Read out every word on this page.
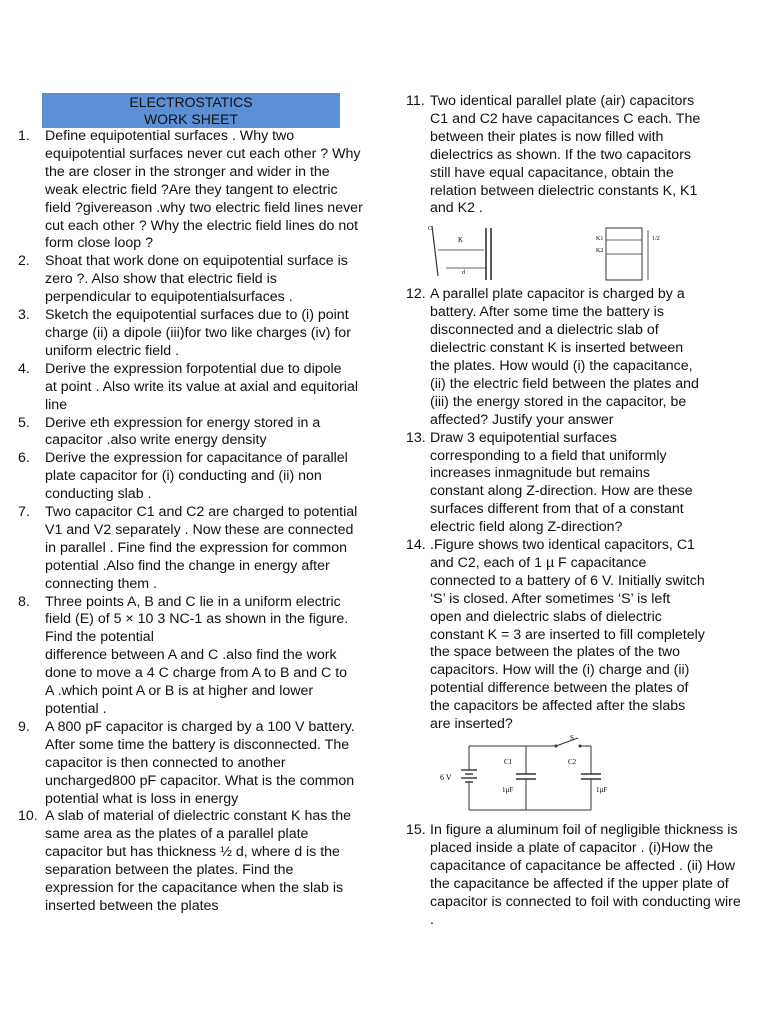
ELECTROSTATICS
WORK SHEET
1.	Define equipotential surfaces . Why two
equipotential surfaces never cut each other ? Why
the are closer in the stronger and wider in the
weak electric field ?Are they tangent to electric
field ?givereason .why two electric field lines never
cut each other ? Why the electric field lines do not
form close loop ?
2.	Shoat that work done on equipotential surface is
zero ?. Also show that electric field is
perpendicular to equipotentialsurfaces .
3.	Sketch the equipotential surfaces due to (i) point
charge (ii) a dipole (iii)for two like charges (iv) for
uniform electric field .
4.	Derive the expression forpotential due to dipole
at point . Also write its value at axial and equitorial
line
5.	Derive eth expression for energy stored in a
capacitor .also write energy density
6.	Derive the expression for capacitance of parallel
plate capacitor for (i) conducting and (ii) non
conducting slab .
7.	Two capacitor C1 and C2 are charged to potential
V1 and V2 separately . Now these are connected
in parallel . Fine find the expression for common
potential .Also find the change in energy after
connecting them .
8.	Three points A, B and C lie in a uniform electric
field (E) of 5 × 10 3 NC-1 as shown in the figure.
Find the potential
difference between A and C .also find the work
done to move a 4 C charge from A to B and C to
A .which point A or B is at higher and lower
potential .
9.	A 800 pF capacitor is charged by a 100 V battery.
After some time the battery is disconnected. The
capacitor is then connected to another
uncharged800 pF capacitor. What is the common
potential what is loss in energy
10. A slab of material of dielectric constant K has the
same area as the plates of a parallel plate
capacitor but has thickness ½ d, where d is the
separation between the plates. Find the
expression for the capacitance when the slab is
inserted between the plates
11. Two identical parallel plate (air) capacitors
C1 and C2 have capacitances C each. The
between their plates is now filled with
dielectrics as shown. If the two capacitors
still have equal capacitance, obtain the
relation between dielectric constants K, K1
and K2 .
C
K
d
K1
K2
1/2
12. A parallel plate capacitor is charged by a
battery. After some time the battery is
disconnected and a dielectric slab of
dielectric constant K is inserted between
the plates. How would (i) the capacitance,
(ii) the electric field between the plates and
(iii) the energy stored in the capacitor, be
affected? Justify your answer
13. Draw 3 equipotential surfaces
corresponding to a field that uniformly
increases inmagnitude but remains
constant along Z-direction. How are these
surfaces different from that of a constant
electric field along Z-direction?
14. .Figure shows two identical capacitors, C1
and C2, each of 1 µ F capacitance
connected to a battery of 6 V. Initially switch
‘S’ is closed. After sometimes ‘S’ is left
open and dielectric slabs of dielectric
constant K = 3 are inserted to fill completely
the space between the plates of the two
capacitors. How will the (i) charge and (ii)
potential difference between the plates of
the capacitors be affected after the slabs
are inserted?
6 V
S
C1
1µF
C2
1µF
15. In figure a aluminum foil of negligible thickness is
placed inside a plate of capacitor . (i)How the
capacitance of capacitance be affected . (ii) How
the capacitance be affected if the upper plate of
capacitor is connected to foil with conducting wire
.
